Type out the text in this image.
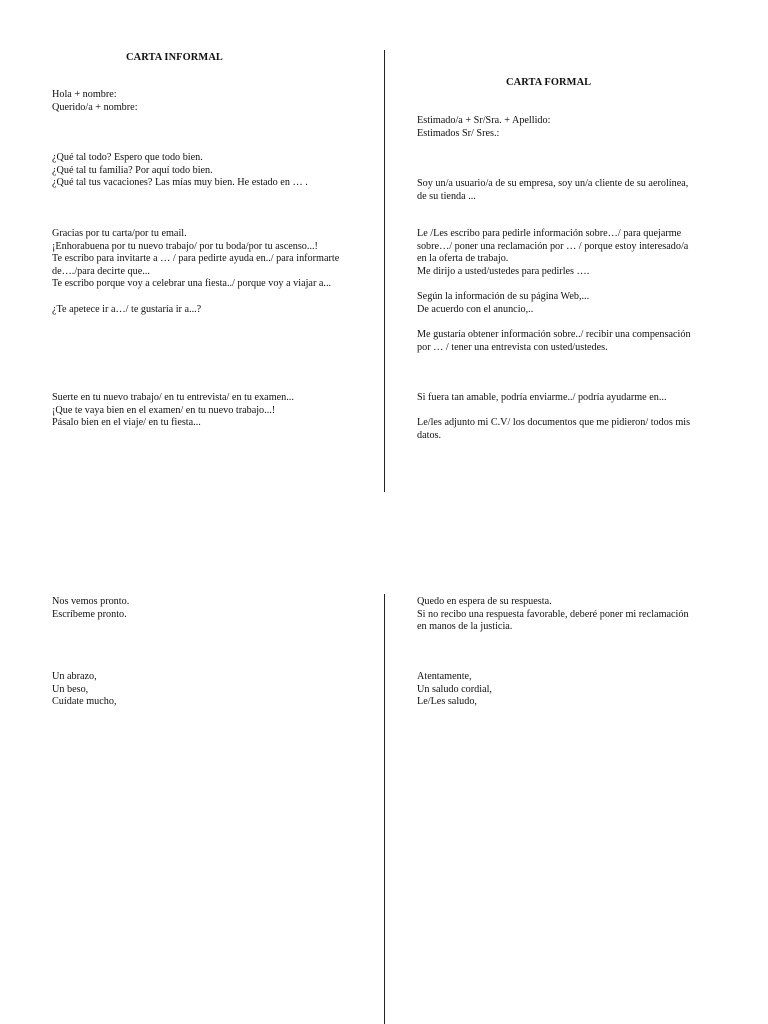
CARTA INFORMAL
Hola + nombre:
Querido/a + nombre:
¿Qué tal todo? Espero que todo bien.
¿Qué tal tu familia? Por aquí todo bien.
¿Qué tal tus vacaciones? Las mías muy bien. He estado en … .
Gracias por tu carta/por tu email.
¡Enhorabuena por tu nuevo trabajo/ por tu boda/por tu ascenso...!
Te escribo para invitarte a … / para pedirte ayuda en../ para informarte
de…./para decirte que...
Te escribo porque voy a celebrar una fiesta../ porque voy a viajar a...
¿Te apetece ir a…/ te gustaría ir a...?
Suerte en tu nuevo trabajo/ en tu entrevista/ en tu examen...
¡Que te vaya bien en el examen/ en tu nuevo trabajo...!
Pásalo bien en el viaje/ en tu fiesta...
Nos vemos pronto.
Escríbeme pronto.
Un abrazo,
Un beso,
Cuídate mucho,
CARTA FORMAL
Estimado/a + Sr/Sra. + Apellido:
Estimados Sr/ Sres.:
Soy un/a usuario/a de su empresa, soy un/a cliente de su aerolínea,
de su tienda ...
Le /Les escribo para pedirle información sobre…/ para quejarme
sobre…/ poner una reclamación por … / porque estoy interesado/a
en la oferta de trabajo.
Me dirijo a usted/ustedes para pedirles ….
Según la información de su página Web,...
De acuerdo con el anuncio,..
Me gustaría obtener información sobre../ recibir una compensación
por … / tener una entrevista con usted/ustedes.
Si fuera tan amable, podría enviarme../ podría ayudarme en...
Le/les adjunto mi C.V/ los documentos que me pidieron/ todos mis
datos.
Quedo en espera de su respuesta.
Si no recibo una respuesta favorable, deberé poner mi reclamación
en manos de la justicia.
Atentamente,
Un saludo cordial,
Le/Les saludo,
